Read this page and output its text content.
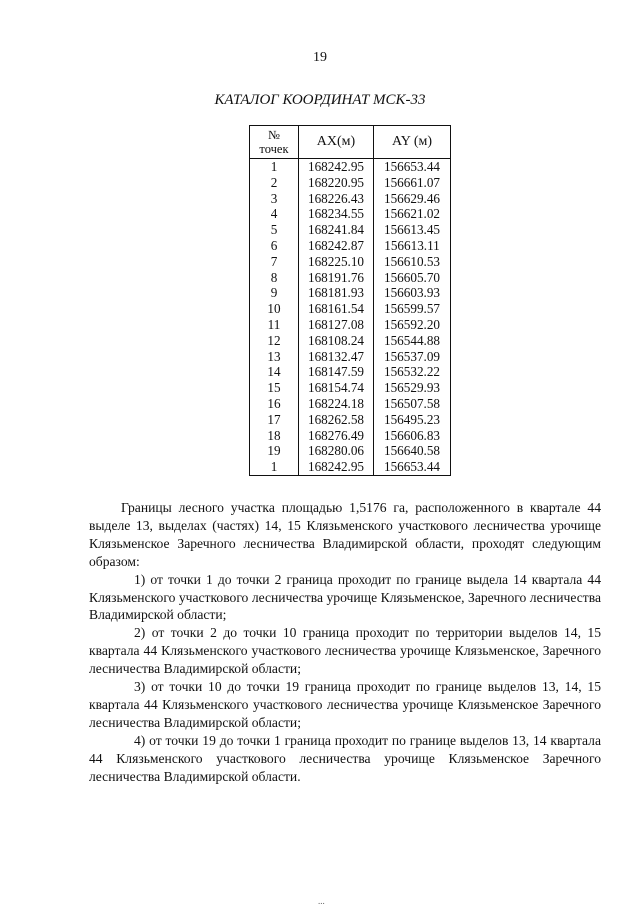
19
КАТАЛОГ КООРДИНАТ МСК-33
№
точек	AX(м)	AY (м)
1	168242.95	156653.44
2	168220.95	156661.07
3	168226.43	156629.46
4	168234.55	156621.02
5	168241.84	156613.45
6	168242.87	156613.11
7	168225.10	156610.53
8	168191.76	156605.70
9	168181.93	156603.93
10	168161.54	156599.57
11	168127.08	156592.20
12	168108.24	156544.88
13	168132.47	156537.09
14	168147.59	156532.22
15	168154.74	156529.93
16	168224.18	156507.58
17	168262.58	156495.23
18	168276.49	156606.83
19	168280.06	156640.58
1	168242.95	156653.44

Границы лесного участка площадью 1,5176 га, расположенного в квартале 44 выделе 13, выделах (частях) 14, 15 Клязьменского участкового лесничества урочище Клязьменское Заречного лесничества Владимирской области, проходят следующим образом:

1) от точки 1 до точки 2 граница проходит по границе выдела 14 квартала 44 Клязьменского участкового лесничества урочище Клязьменское, Заречного лесничества Владимирской области;

2) от точки 2 до точки 10 граница проходит по территории выделов 14, 15 квартала 44 Клязьменского участкового лесничества урочище Клязьменское, Заречного лесничества Владимирской области;

3) от точки 10 до точки 19 граница проходит по границе выделов 13, 14, 15 квартала 44 Клязьменского участкового лесничества урочище Клязьменское Заречного лесничества Владимирской области;

4) от точки 19 до точки 1 граница проходит по границе выделов 13, 14 квартала 44 Клязьменского участкового лесничества урочище Клязьменское Заречного лесничества Владимирской области.

...
